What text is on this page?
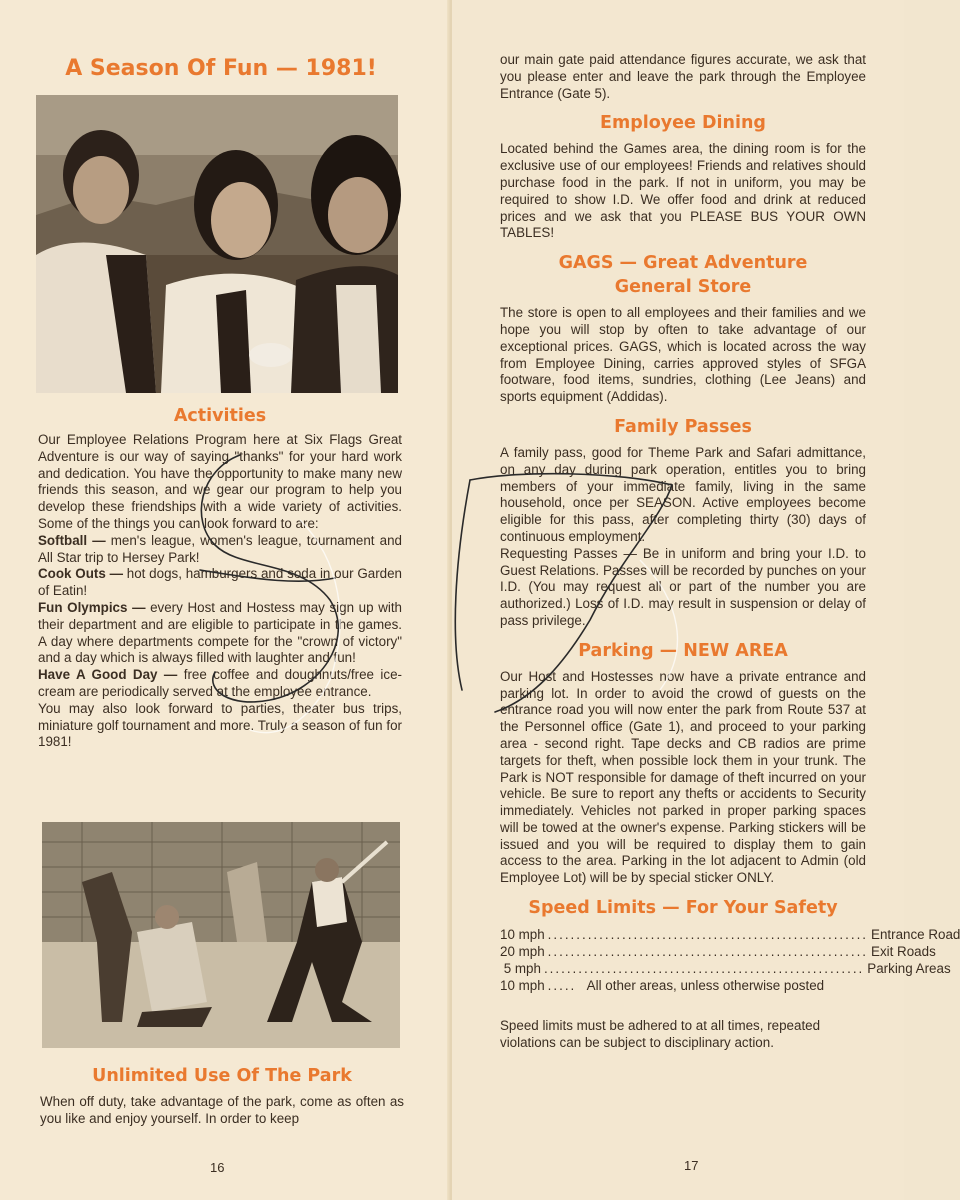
A Season Of Fun — 1981!
Activities

Our Employee Relations Program here at Six Flags Great Adventure is our way of saying "thanks" for your hard work and dedication. You have the opportunity to make many new friends this season, and we gear our program to help you develop these friendships with a wide variety of activities. Some of the things you can look forward to are:

Softball — men's league, women's league, tournament and All Star trip to Hersey Park!

Cook Outs — hot dogs, hamburgers and soda in our Garden of Eatin!

Fun Olympics — every Host and Hostess may sign up with their department and are eligible to participate in the games. A day where departments compete for the "crown of victory" and a day which is always filled with laughter and fun!

Have A Good Day — free coffee and doughnuts/free ice-cream are periodically served at the employee entrance.

You may also look forward to parties, theater bus trips, miniature golf tournament and more. Truly a season of fun for 1981!

Unlimited Use Of The Park

When off duty, take advantage of the park, come as often as you like and enjoy yourself. In order to keep

16

our main gate paid attendance figures accurate, we ask that you please enter and leave the park through the Employee Entrance (Gate 5).

Employee Dining

Located behind the Games area, the dining room is for the exclusive use of our employees! Friends and relatives should purchase food in the park. If not in uniform, you may be required to show I.D. We offer food and drink at reduced prices and we ask that you PLEASE BUS YOUR OWN TABLES!

GAGS — Great Adventure
General Store

The store is open to all employees and their families and we hope you will stop by often to take advantage of our exceptional prices. GAGS, which is located across the way from Employee Dining, carries approved styles of SFGA footware, food items, sundries, clothing (Lee Jeans) and sports equipment (Addidas).

Family Passes

A family pass, good for Theme Park and Safari admittance, on any day during park operation, entitles you to bring members of your immediate family, living in the same household, once per SEASON. Active employees become eligible for this pass, after completing thirty (30) days of continuous employment.

Requesting Passes — Be in uniform and bring your I.D. to Guest Relations. Passes will be recorded by punches on your I.D. (You may request all or part of the number you are authorized.) Loss of I.D. may result in suspension or delay of pass privilege.

Parking — NEW AREA

Our Host and Hostesses now have a private entrance and parking lot. In order to avoid the crowd of guests on the entrance road you will now enter the park from Route 537 at the Personnel office (Gate 1), and proceed to your parking area - second right. Tape decks and CB radios are prime targets for theft, when possible lock them in your trunk. The Park is NOT responsible for damage of theft incurred on your vehicle. Be sure to report any thefts or accidents to Security immediately. Vehicles not parked in proper parking spaces will be towed at the owner's expense. Parking stickers will be issued and you will be required to display them to gain access to the area. Parking in the lot adjacent to Admin (old Employee Lot) will be by special sticker ONLY.

Speed Limits — For Your Safety
10 mph ........................................................ Entrance Road
20 mph ........................................................ Exit Roads
5 mph ........................................................ Parking Areas
10 mph ..... All other areas, unless otherwise posted

Speed limits must be adhered to at all times, repeated violations can be subject to disciplinary action.

17
